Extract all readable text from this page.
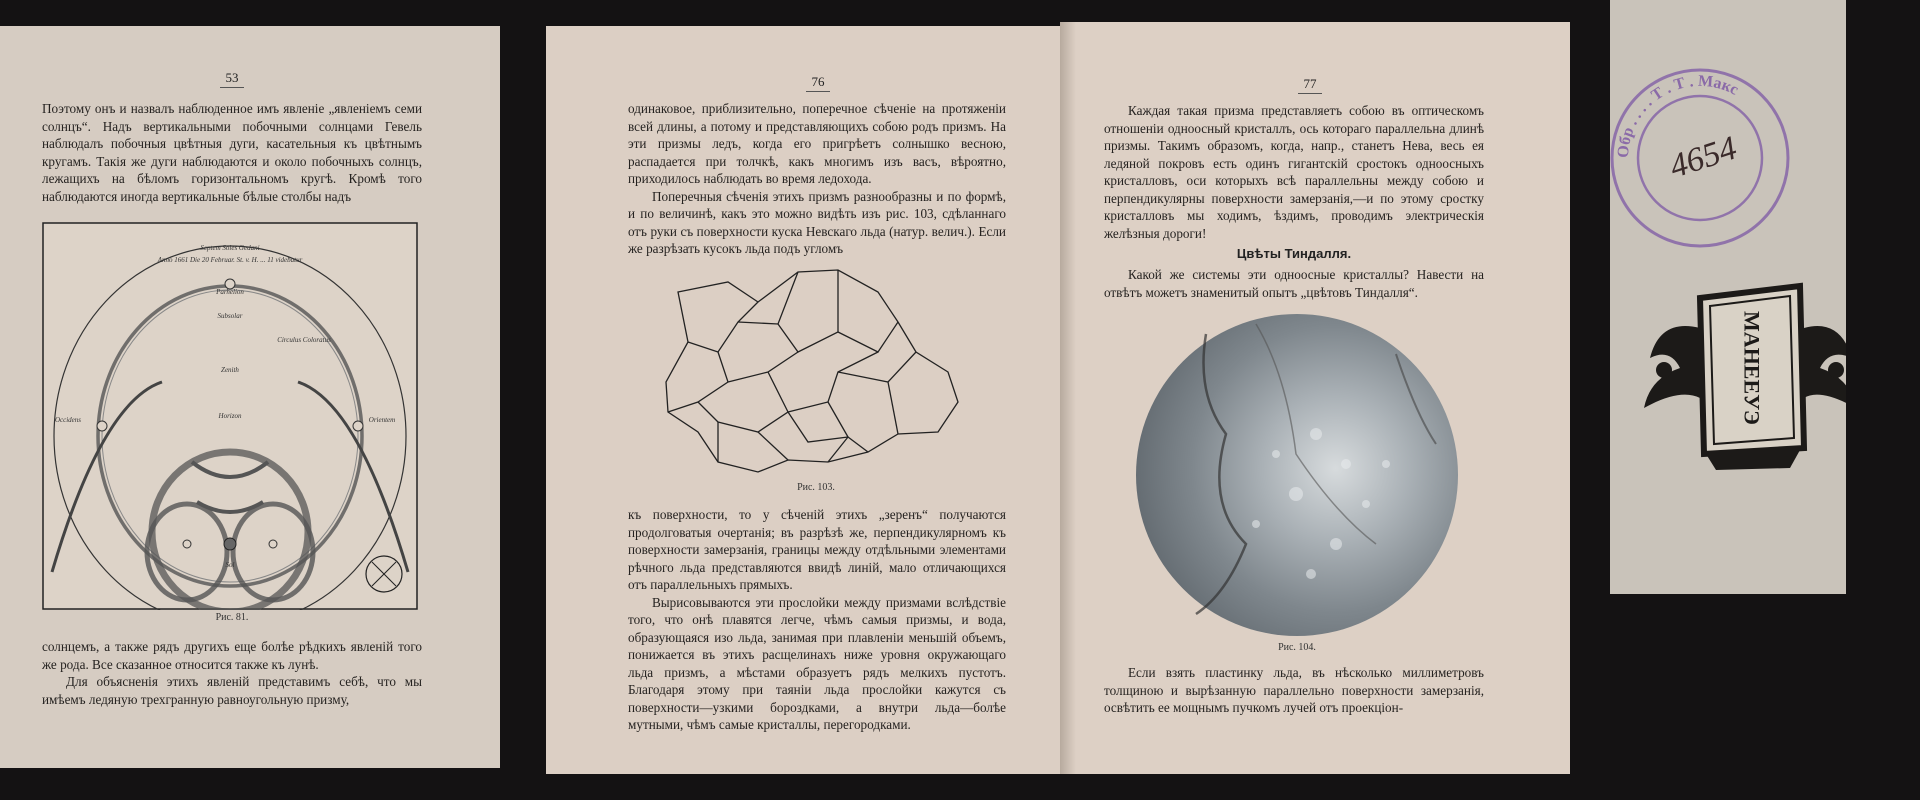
53
Поэтому онъ и назвалъ наблюденное имъ явленіе „явленіемъ семи солнцъ“. Надъ вертикальными побочными солнцами Гевель наблюдалъ побочныя цвѣтныя дуги, касательныя къ цвѣтнымъ кругамъ. Такія же дуги наблюдаются и около побочныхъ солнцъ, лежащихъ на бѣломъ горизонтальномъ кругѣ. Кромѣ того наблюдаются иногда вертикальные бѣлые столбы надъ
Septem Soles Gedani
Anno 1661 Die 20 Februar. St. v. H. ... 11 videbatur
Subsolar
Parhelion
Sol
Zenith
Circulus Coloratus
Horizon	Orientem
Occidens
Рис. 81.

солнцемъ, а также рядъ другихъ еще болѣе рѣдкихъ явленій того же рода. Все сказанное относится также къ лунѣ.

Для объясненія этихъ явленій представимъ себѣ, что мы имѣемъ ледяную трехгранную равноугольную призму,

76

одинаковое, приблизительно, поперечное сѣченіе на протяженіи всей длины, а потому и представляющихъ собою родъ призмъ. На эти призмы ледъ, когда его пригрѣетъ солнышко весною, распадается при толчкѣ, какъ многимъ изъ васъ, вѣроятно, приходилось наблюдать во время ледохода.

Поперечныя сѣченія этихъ призмъ разнообразны и по формѣ, и по величинѣ, какъ это можно видѣть изъ рис. 103, сдѣланнаго отъ руки съ поверхности куска Невскаго льда (натур. велич.). Если же разрѣзать кусокъ льда подъ угломъ

Рис. 103.

къ поверхности, то у сѣченій этихъ „зеренъ“ получаются продолговатыя очертанія; въ разрѣзѣ же, перпендикулярномъ къ поверхности замерзанія, границы между отдѣльными элементами рѣчного льда представляются ввидѣ линій, мало отличающихся отъ параллельныхъ прямыхъ.

Вырисовываются эти прослойки между призмами вслѣдствіе того, что онѣ плавятся легче, чѣмъ самыя призмы, и вода, образующаяся изо льда, занимая при плавленіи меньшій объемъ, понижается въ этихъ расщелинахъ ниже уровня окружающаго льда призмъ, а мѣстами образуетъ рядъ мелкихъ пустотъ. Благодаря этому при таяніи льда прослойки кажутся съ поверхности—узкими бороздками, а внутри льда—болѣе мутными, чѣмъ самые кристаллы, перегородками.

77

Каждая такая призма представляетъ собою въ оптическомъ отношеніи одноосный кристаллъ, ось котораго параллельна длинѣ призмы. Такимъ образомъ, когда, напр., станетъ Нева, весь ея ледяной покровъ есть одинъ гигантскій сростокъ одноосныхъ кристалловъ, оси которыхъ всѣ параллельны между собою и перпендикулярны поверхности замерзанія,—и по этому сростку кристалловъ мы ходимъ, ѣздимъ, проводимъ электрическія желѣзныя дороги!

Цвѣты Тиндалля.

Какой же системы эти одноосные кристаллы? Навести на отвѣтъ можетъ знаменитый опытъ „цвѣтовъ Тиндалля“.

Рис. 104.

Если взять пластинку льда, въ нѣсколько миллиметровъ толщиною и вырѣзанную параллельно поверхности замерзанія, освѣтить ее мощнымъ пучкомъ лучей отъ проекціон-

Обр . . . . Т . Т . Макс
4654
МАНЕЕУЭ
